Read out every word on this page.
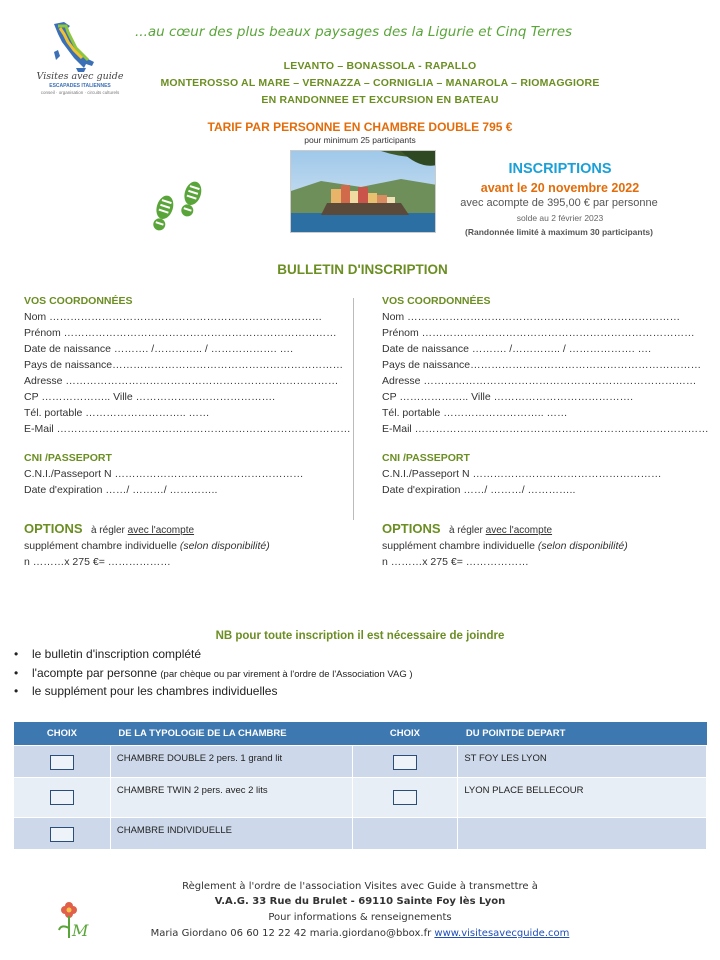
Visites avec guide
ESCAPADES ITALIENNES
conseil · organisation · circuits culturels
...au cœur des plus beaux paysages des la Ligurie et Cinq Terres
LEVANTO – BONASSOLA - RAPALLO
MONTEROSSO AL MARE – VERNAZZA – CORNIGLIA – MANAROLA – RIOMAGGIORE
EN RANDONNEE ET EXCURSION EN BATEAU
TARIF PAR PERSONNE EN CHAMBRE DOUBLE 795 €
pour minimum 25 participants
INSCRIPTIONS
avant le 20 novembre 2022
avec acompte de 395,00 € par personne
solde au 2 février 2023
(Randonnée limité à maximum 30 participants)
BULLETIN D'INSCRIPTION
VOS COORDONNÉES
Nom ……………………………………………………………………
Prénom ……………………………………………………………………
Date de naissance ………. /………….. / ………………. ….
Pays de naissance…………………………………………………………
Adresse ……………………………………………………………………
CP ……………….. Ville ………………………………….
Tél. portable ……………………….. ……
E-Mail …………………………………………………………………………
CNI /PASSEPORT
C.N.I./Passeport N ………………………………………………
Date d'expiration ……/ ………/ …………..
OPTIONS à régler avec l'acompte
supplément chambre individuelle (selon disponibilité)
n ………x 275 €= ………………
VOS COORDONNÉES
Nom ……………………………………………………………………
Prénom ……………………………………………………………………
Date de naissance ………. /………….. / ………………. ….
Pays de naissance…………………………………………………………
Adresse ……………………………………………………………………
CP ……………….. Ville ………………………………….
Tél. portable ……………………….. ……
E-Mail …………………………………………………………………………
CNI /PASSEPORT
C.N.I./Passeport N ………………………………………………
Date d'expiration ……/ ………/ …………..
OPTIONS à régler avec l'acompte
supplément chambre individuelle (selon disponibilité)
n ………x 275 €= ………………
NB pour toute inscription il est nécessaire de joindre
• le bulletin d'inscription complété
• l'acompte par personne (par chèque ou par virement à l'ordre de l'Association VAG )
• le supplément pour les chambres individuelles
CHOIX	DE LA TYPOLOGIE DE LA CHAMBRE	CHOIX	DU POINTDE DEPART

	CHAMBRE DOUBLE 2 pers. 1 grand lit		ST FOY LES LYON

	CHAMBRE TWIN 2 pers. avec 2 lits		LYON PLACE BELLECOUR

	CHAMBRE INDIVIDUELLE		
M
Règlement à l'ordre de l'association Visites avec Guide à transmettre à
V.A.G. 33 Rue du Brulet - 69110 Sainte Foy lès Lyon
Pour informations & renseignements
Maria Giordano 06 60 12 22 42 maria.giordano@bbox.fr www.visitesavecguide.com
